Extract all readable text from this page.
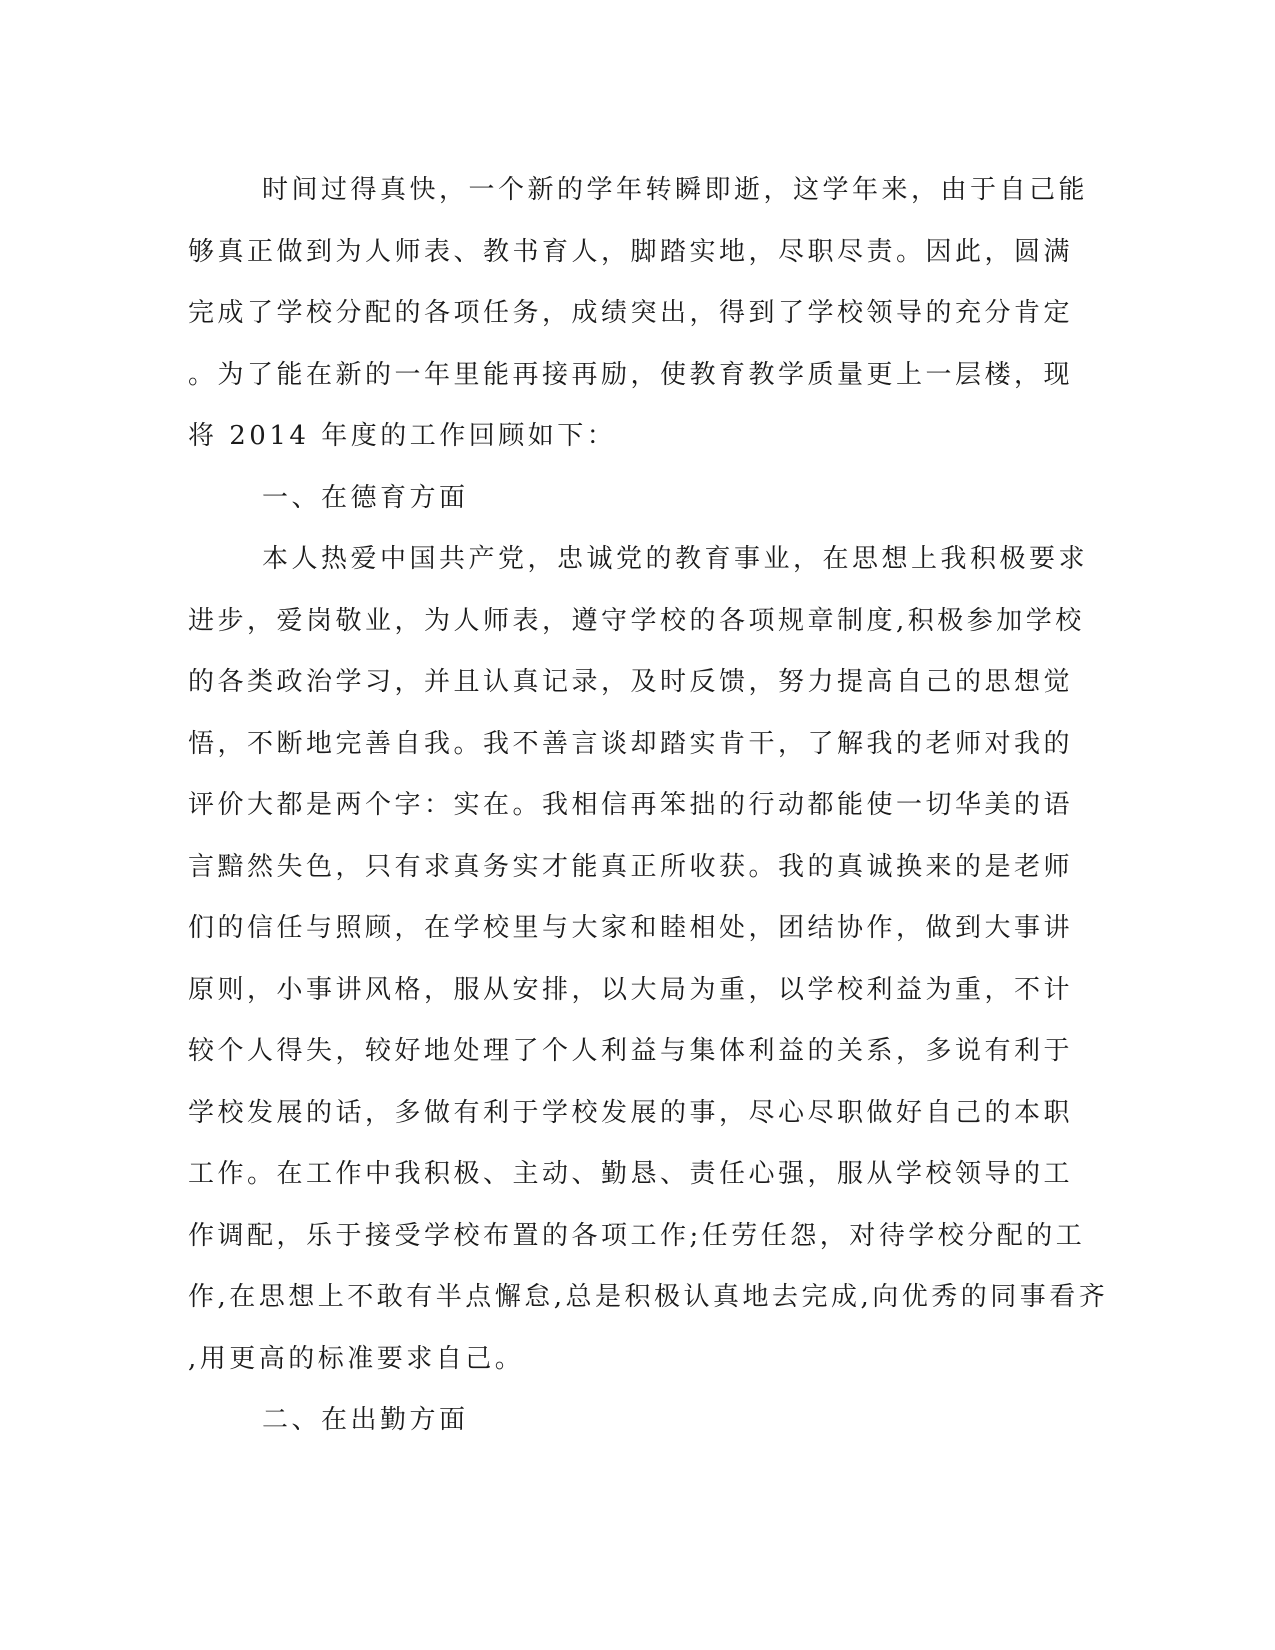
时间过得真快，一个新的学年转瞬即逝，这学年来，由于自己能
够真正做到为人师表、教书育人，脚踏实地，尽职尽责。因此，圆满
完成了学校分配的各项任务，成绩突出，得到了学校领导的充分肯定
。为了能在新的一年里能再接再励，使教育教学质量更上一层楼，现
将 2014 年度的工作回顾如下：
一、在德育方面
本人热爱中国共产党，忠诚党的教育事业，在思想上我积极要求
进步，爱岗敬业，为人师表，遵守学校的各项规章制度,积极参加学校
的各类政治学习，并且认真记录，及时反馈，努力提高自己的思想觉
悟，不断地完善自我。我不善言谈却踏实肯干，了解我的老师对我的
评价大都是两个字：实在。我相信再笨拙的行动都能使一切华美的语
言黯然失色，只有求真务实才能真正所收获。我的真诚换来的是老师
们的信任与照顾，在学校里与大家和睦相处，团结协作，做到大事讲
原则，小事讲风格，服从安排，以大局为重，以学校利益为重，不计
较个人得失，较好地处理了个人利益与集体利益的关系，多说有利于
学校发展的话，多做有利于学校发展的事，尽心尽职做好自己的本职
工作。在工作中我积极、主动、勤恳、责任心强，服从学校领导的工
作调配，乐于接受学校布置的各项工作;任劳任怨，对待学校分配的工
作,在思想上不敢有半点懈怠,总是积极认真地去完成,向优秀的同事看齐
,用更高的标准要求自己。
二、在出勤方面
